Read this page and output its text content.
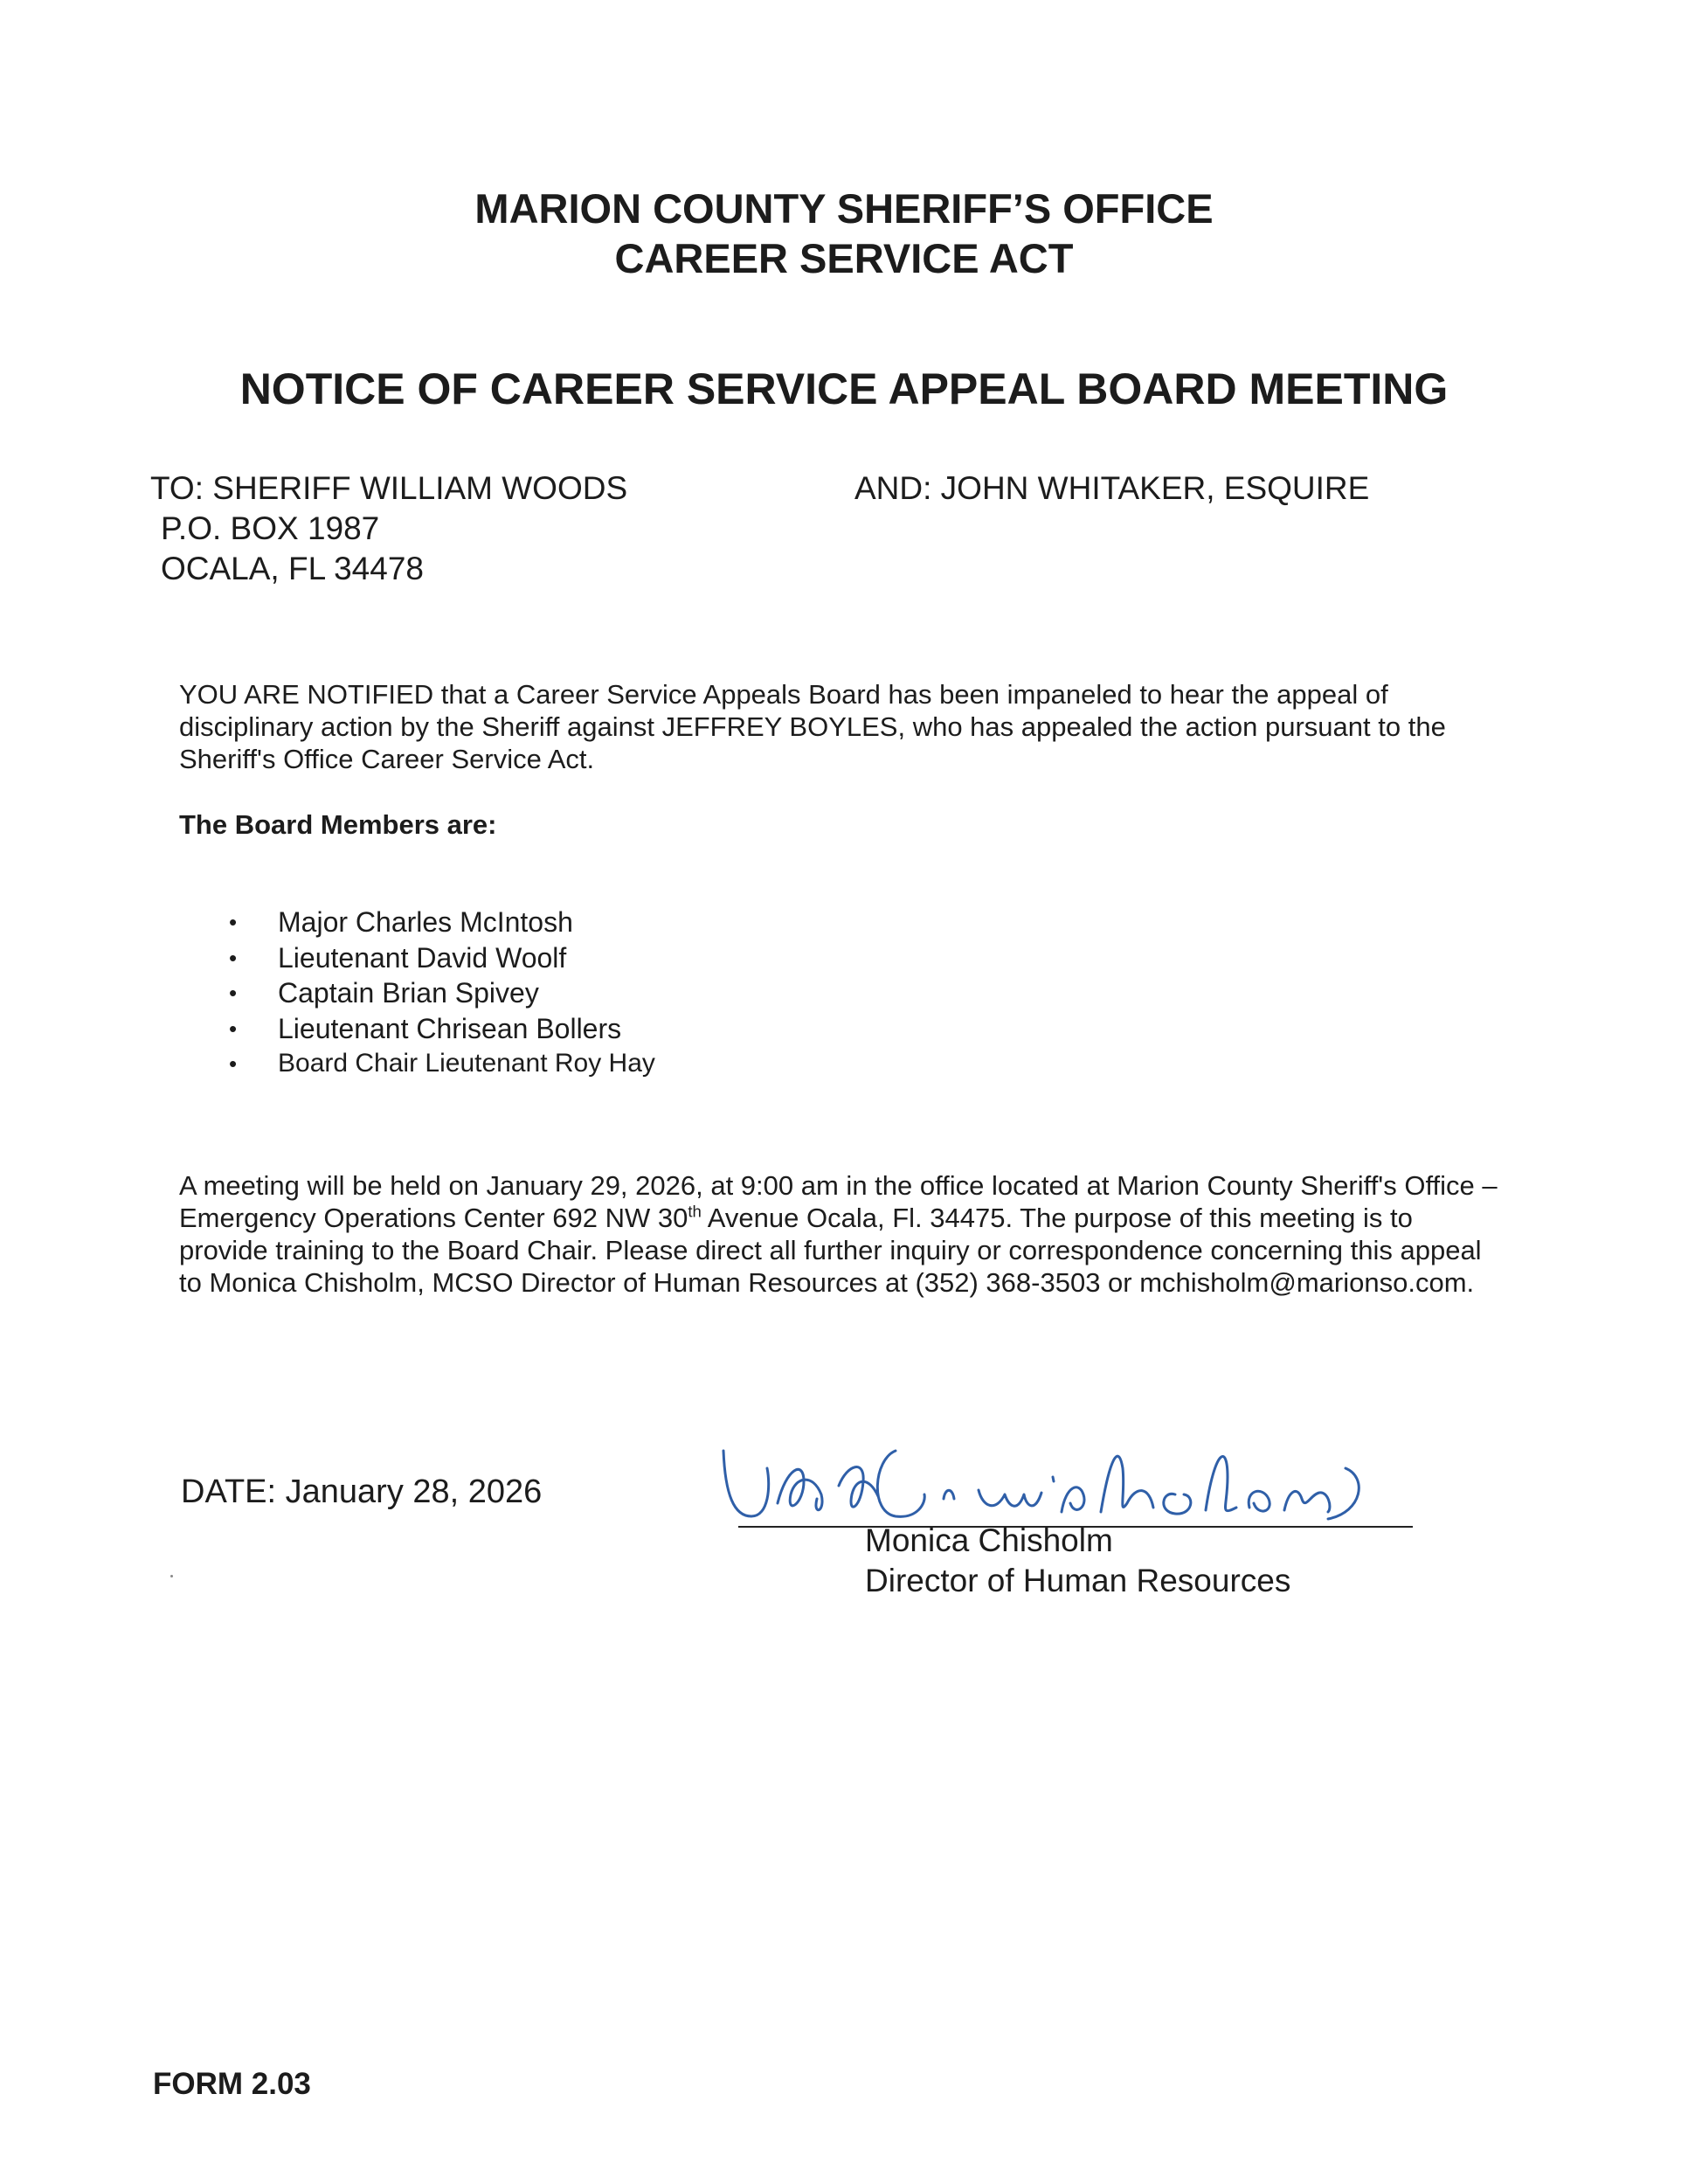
MARION COUNTY SHERIFF’S OFFICE
CAREER SERVICE ACT
NOTICE OF CAREER SERVICE APPEAL BOARD MEETING
TO: SHERIFF WILLIAM WOODS
P.O. BOX 1987
OCALA, FL 34478
AND: JOHN WHITAKER, ESQUIRE
YOU ARE NOTIFIED that a Career Service Appeals Board has been impaneled to hear the appeal of disciplinary action by the Sheriff against JEFFREY BOYLES, who has appealed the action pursuant to the Sheriff's Office Career Service Act.
The Board Members are:
• Major Charles McIntosh
• Lieutenant David Woolf
• Captain Brian Spivey
• Lieutenant Chrisean Bollers
• Board Chair Lieutenant Roy Hay
A meeting will be held on January 29, 2026, at 9:00 am in the office located at Marion County Sheriff's Office – Emergency Operations Center 692 NW 30th Avenue Ocala, Fl. 34475. The purpose of this meeting is to provide training to the Board Chair. Please direct all further inquiry or correspondence concerning this appeal to Monica Chisholm, MCSO Director of Human Resources at (352) 368-3503 or mchisholm@marionso.com.
DATE: January 28, 2026
Monica Chisholm
Director of Human Resources
FORM 2.03
